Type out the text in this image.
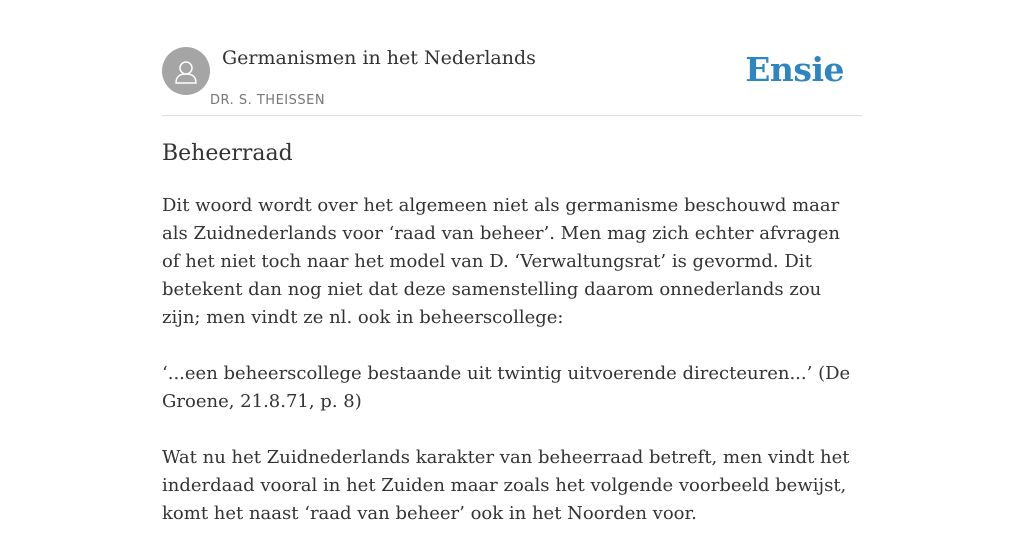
Germanismen in het Nederlands
DR. S. THEISSEN
Ensie
Beheerraad

Dit woord wordt over het algemeen niet als germanisme beschouwd maar als Zuidnederlands voor ‘raad van beheer’. Men mag zich echter afvragen of het niet toch naar het model van D. ‘Verwaltungsrat’ is gevormd. Dit betekent dan nog niet dat deze samenstelling daarom onnederlands zou zijn; men vindt ze nl. ook in beheerscollege:

‘...een beheerscollege bestaande uit twintig uitvoerende directeuren...’ (De Groene, 21.8.71, p. 8)

Wat nu het Zuidnederlands karakter van beheerraad betreft, men vindt het inderdaad vooral in het Zuiden maar zoals het volgende voorbeeld bewijst, komt het naast ‘raad van beheer’ ook in het Noorden voor.
